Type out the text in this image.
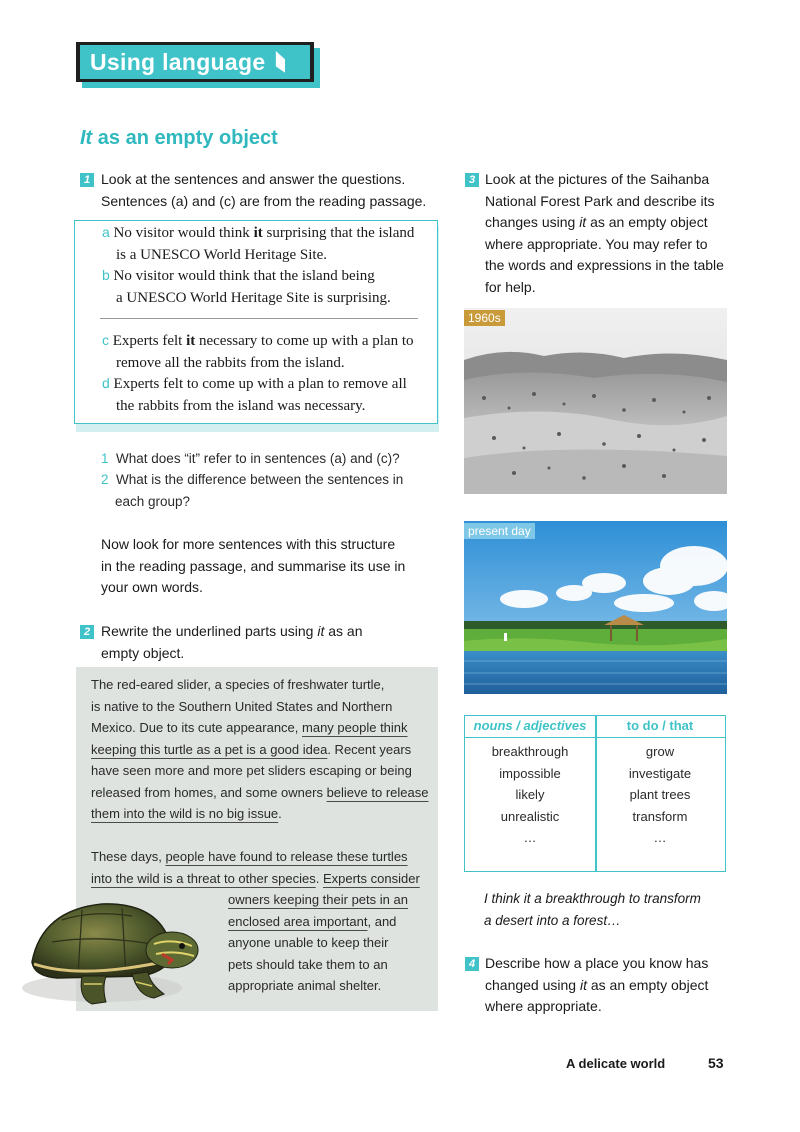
Using language
It as an empty object
1 Look at the sentences and answer the questions.
Sentences (a) and (c) are from the reading passage.
a No visitor would think it surprising that the island
is a UNESCO World Heritage Site.
b No visitor would think that the island being
a UNESCO World Heritage Site is surprising.
c Experts felt it necessary to come up with a plan to
remove all the rabbits from the island.
d Experts felt to come up with a plan to remove all
the rabbits from the island was necessary.
1 What does “it” refer to in sentences (a) and (c)?
2 What is the difference between the sentences in
each group?
Now look for more sentences with this structure
in the reading passage, and summarise its use in
your own words.
2 Rewrite the underlined parts using it as an
empty object.
The red-eared slider, a species of freshwater turtle,
is native to the Southern United States and Northern
Mexico. Due to its cute appearance, many people think
keeping this turtle as a pet is a good idea. Recent years
have seen more and more pet sliders escaping or being
released from homes, and some owners believe to release
them into the wild is no big issue.
These days, people have found to release these turtles
into the wild is a threat to other species. Experts consider
owners keeping their pets in an
enclosed area important, and
anyone unable to keep their
pets should take them to an
appropriate animal shelter.
3 Look at the pictures of the Saihanba
National Forest Park and describe its
changes using it as an empty object
where appropriate. You may refer to
the words and expressions in the table
for help.
1960s
present day
nouns / adjectives	to do / that
breakthrough
impossible
likely
unrealistic
…
grow
investigate
plant trees
transform
…
I think it a breakthrough to transform
a desert into a forest…
4 Describe how a place you know has
changed using it as an empty object
where appropriate.
A delicate world	53
